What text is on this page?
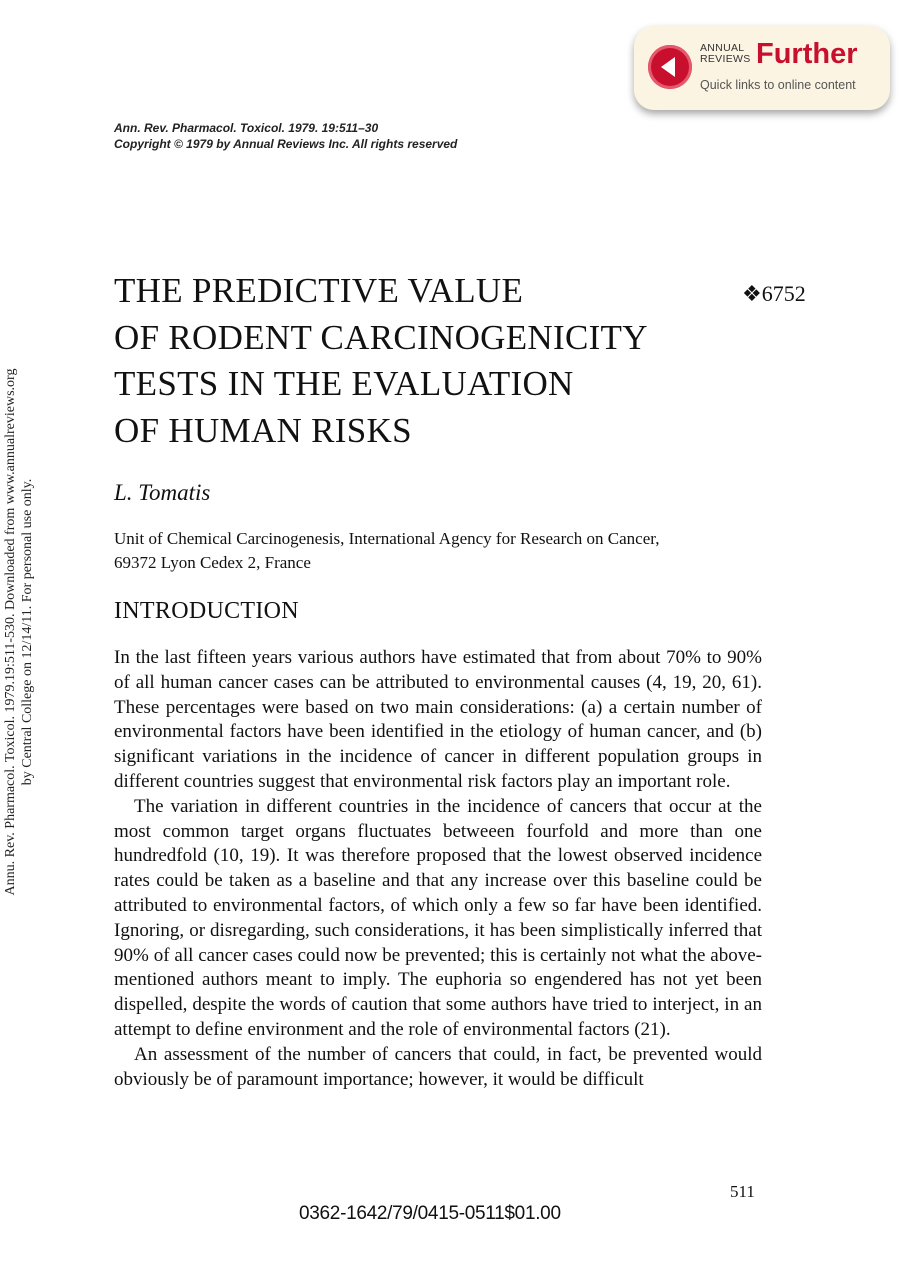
ANNUAL
REVIEWS Further
Quick links to online content
Annu. Rev. Pharmacol. Toxicol. 1979.19:511-530. Downloaded from www.annualreviews.org by Central College on 12/14/11. For personal use only.
Ann. Rev. Pharmacol. Toxicol. 1979. 19:511–30
Copyright © 1979 by Annual Reviews Inc. All rights reserved
THE PREDICTIVE VALUE
OF RODENT CARCINOGENICITY
TESTS IN THE EVALUATION
OF HUMAN RISKS
❖6752
L. Tomatis
Unit of Chemical Carcinogenesis, International Agency for Research on Cancer,
69372 Lyon Cedex 2, France
INTRODUCTION

In the last fifteen years various authors have estimated that from about 70% to 90% of all human cancer cases can be attributed to environmental causes (4, 19, 20, 61). These percentages were based on two main considerations: (a) a certain number of environmental factors have been identified in the etiology of human cancer, and (b) significant variations in the incidence of cancer in different population groups in different countries suggest that environmental risk factors play an important role.

The variation in different countries in the incidence of cancers that occur at the most common target organs fluctuates betweeen fourfold and more than one hundredfold (10, 19). It was therefore proposed that the lowest observed incidence rates could be taken as a baseline and that any increase over this baseline could be attributed to environmental factors, of which only a few so far have been identified. Ignoring, or disregarding, such considerations, it has been simplistically inferred that 90% of all cancer cases could now be prevented; this is certainly not what the above-mentioned authors meant to imply. The euphoria so engendered has not yet been dispelled, despite the words of caution that some authors have tried to interject, in an attempt to define environment and the role of environmental factors (21).

An assessment of the number of cancers that could, in fact, be prevented would obviously be of paramount importance; however, it would be difficult

511
0362-1642/79/0415-0511$01.00
